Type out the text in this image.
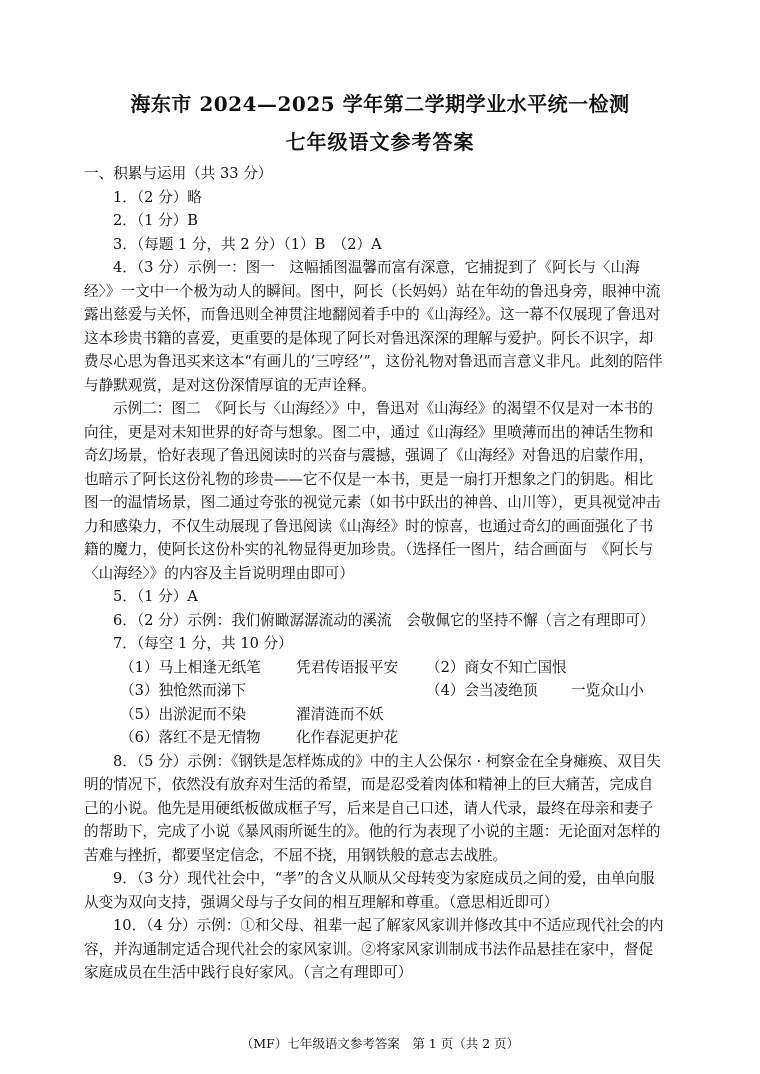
海东市 2024—2025 学年第二学期学业水平统一检测
七年级语文参考答案

一、积累与运用（共 33 分）

1．（2 分）略

2．（1 分）B

3．（每题 1 分，共 2 分）（1）B　（2）A

4．（3 分）示例一：图一　这幅插图温馨而富有深意，它捕捉到了《阿长与〈山海经〉》一文中一个极为动人的瞬间。图中，阿长（长妈妈）站在年幼的鲁迅身旁，眼神中流露出慈爱与关怀，而鲁迅则全神贯注地翻阅着手中的《山海经》。这一幕不仅展现了鲁迅对这本珍贵书籍的喜爱，更重要的是体现了阿长对鲁迅深深的理解与爱护。阿长不识字，却费尽心思为鲁迅买来这本“有画儿的‘三哼经’”，这份礼物对鲁迅而言意义非凡。此刻的陪伴与静默观赏，是对这份深情厚谊的无声诠释。

示例二：图二　《阿长与〈山海经〉》中，鲁迅对《山海经》的渴望不仅是对一本书的向往，更是对未知世界的好奇与想象。图二中，通过《山海经》里喷薄而出的神话生物和奇幻场景，恰好表现了鲁迅阅读时的兴奋与震撼，强调了《山海经》对鲁迅的启蒙作用，也暗示了阿长这份礼物的珍贵——它不仅是一本书，更是一扇打开想象之门的钥匙。相比图一的温情场景，图二通过夸张的视觉元素（如书中跃出的神兽、山川等），更具视觉冲击力和感染力，不仅生动展现了鲁迅阅读《山海经》时的惊喜，也通过奇幻的画面强化了书籍的魔力，使阿长这份朴实的礼物显得更加珍贵。（选择任一图片，结合画面与　《阿长与〈山海经〉》的内容及主旨说明理由即可）

5．（1 分）A

6．（2 分）示例：我们俯瞰潺潺流动的溪流　会敬佩它的坚持不懈（言之有理即可）

7．（每空 1 分，共 10 分）

（1）马上相逢无纸笔	凭君传语报平安	（2）商女不知亡国恨
（3）独怆然而涕下	（4）会当凌绝顶	一览众山小
（5）出淤泥而不染	濯清涟而不妖
（6）落红不是无情物	化作春泥更护花

8．（5 分）示例：《钢铁是怎样炼成的》中的主人公保尔 · 柯察金在全身瘫痪、双目失明的情况下，依然没有放弃对生活的希望，而是忍受着肉体和精神上的巨大痛苦，完成自己的小说。他先是用硬纸板做成框子写，后来是自己口述，请人代录，最终在母亲和妻子的帮助下，完成了小说《暴风雨所诞生的》。他的行为表现了小说的主题：无论面对怎样的苦难与挫折，都要坚定信念，不屈不挠，用钢铁般的意志去战胜。

9．（3 分）现代社会中，“孝”的含义从顺从父母转变为家庭成员之间的爱，由单向服从变为双向支持，强调父母与子女间的相互理解和尊重。（意思相近即可）

10．（4 分）示例：①和父母、祖辈一起了解家风家训并修改其中不适应现代社会的内容，并沟通制定适合现代社会的家风家训。②将家风家训制成书法作品悬挂在家中，督促家庭成员在生活中践行良好家风。（言之有理即可）

（MF）七年级语文参考答案　第 1 页（共 2 页）
